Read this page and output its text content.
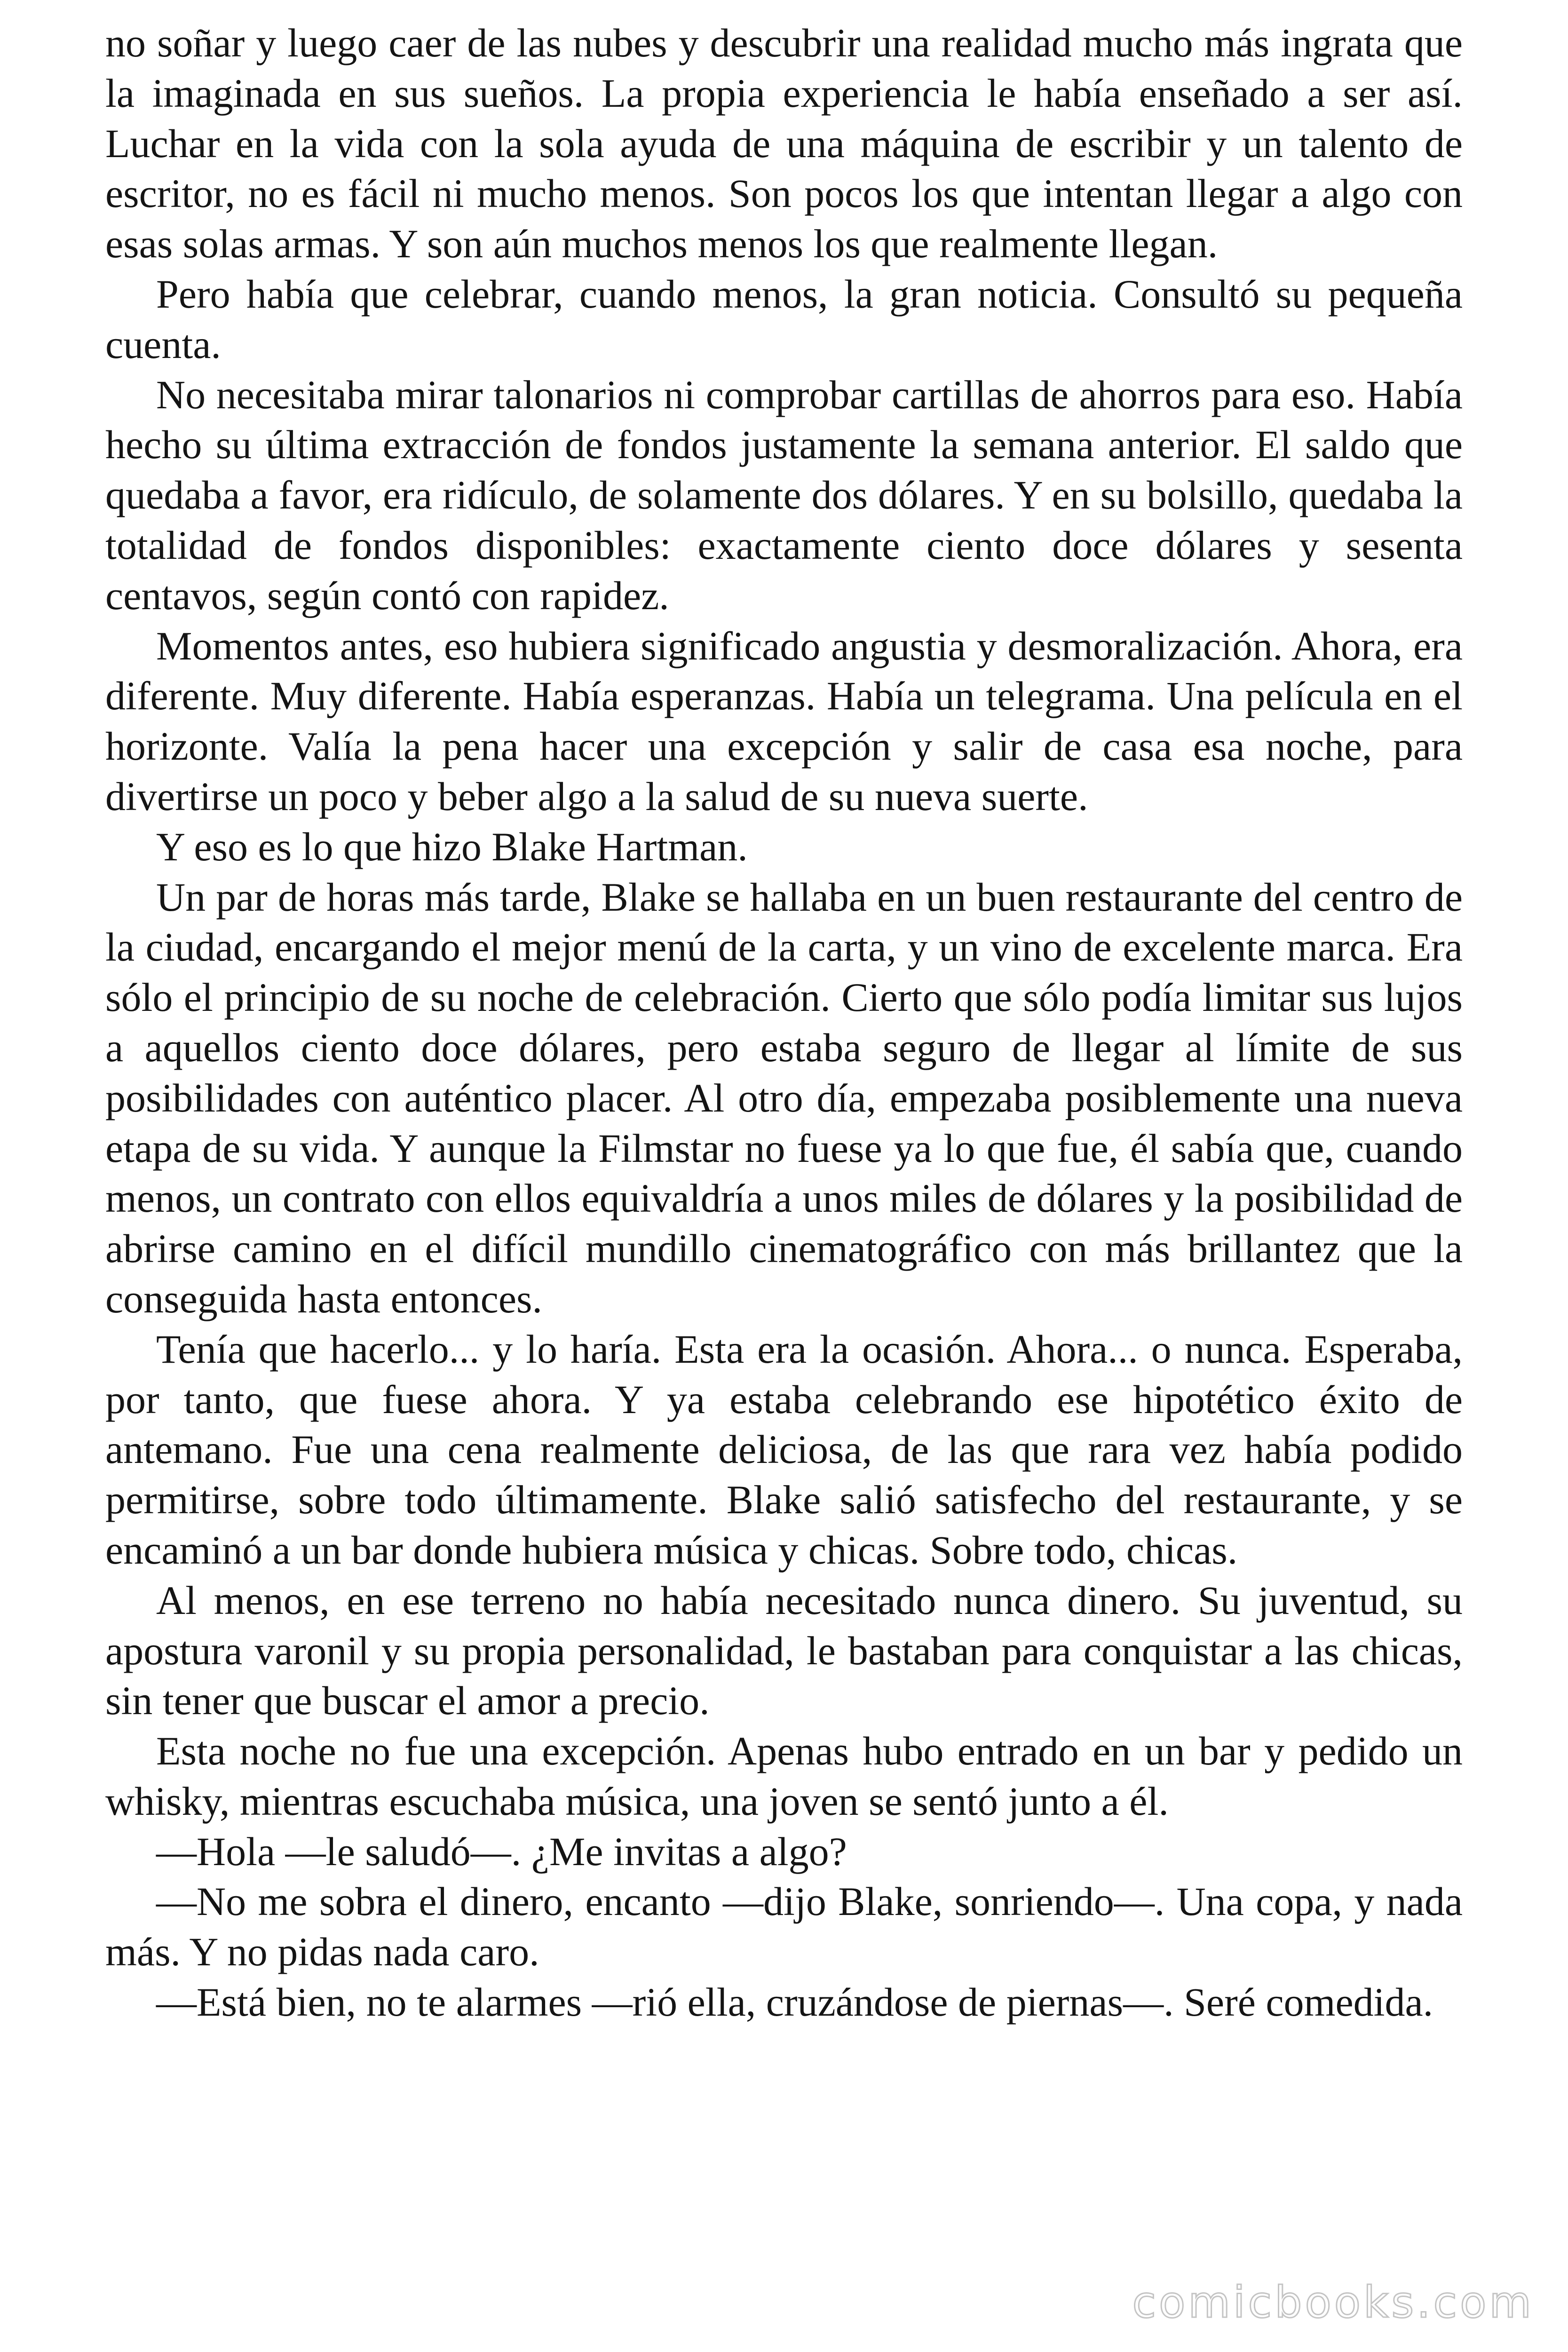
no soñar y luego caer de las nubes y descubrir una realidad mucho más ingrata que la imaginada en sus sueños. La propia experiencia le había enseñado a ser así. Luchar en la vida con la sola ayuda de una máquina de escribir y un talento de escritor, no es fácil ni mucho menos. Son pocos los que intentan llegar a algo con esas solas armas. Y son aún muchos menos los que realmente llegan.

Pero había que celebrar, cuando menos, la gran noticia. Consultó su pequeña cuenta.

No necesitaba mirar talonarios ni comprobar cartillas de ahorros para eso. Había hecho su última extracción de fondos justamente la semana anterior. El saldo que quedaba a favor, era ridículo, de solamente dos dólares. Y en su bolsillo, quedaba la totalidad de fondos disponibles: exactamente ciento doce dólares y sesenta centavos, según contó con rapidez.

Momentos antes, eso hubiera significado angustia y desmoralización. Ahora, era diferente. Muy diferente. Había esperanzas. Había un telegrama. Una película en el horizonte. Valía la pena hacer una excepción y salir de casa esa noche, para divertirse un poco y beber algo a la salud de su nueva suerte.

Y eso es lo que hizo Blake Hartman.

Un par de horas más tarde, Blake se hallaba en un buen restaurante del centro de la ciudad, encargando el mejor menú de la carta, y un vino de excelente marca. Era sólo el principio de su noche de celebración. Cierto que sólo podía limitar sus lujos a aquellos ciento doce dólares, pero estaba seguro de llegar al límite de sus posibilidades con auténtico placer. Al otro día, empezaba posiblemente una nueva etapa de su vida. Y aunque la Filmstar no fuese ya lo que fue, él sabía que, cuando menos, un contrato con ellos equivaldría a unos miles de dólares y la posibilidad de abrirse camino en el difícil mundillo cinematográfico con más brillantez que la conseguida hasta entonces.

Tenía que hacerlo... y lo haría. Esta era la ocasión. Ahora... o nunca. Esperaba, por tanto, que fuese ahora. Y ya estaba celebrando ese hipotético éxito de antemano. Fue una cena realmente deliciosa, de las que rara vez había podido permitirse, sobre todo últimamente. Blake salió satisfecho del restaurante, y se encaminó a un bar donde hubiera música y chicas. Sobre todo, chicas.

Al menos, en ese terreno no había necesitado nunca dinero. Su juventud, su apostura varonil y su propia personalidad, le bastaban para conquistar a las chicas, sin tener que buscar el amor a precio.

Esta noche no fue una excepción. Apenas hubo entrado en un bar y pedido un whisky, mientras escuchaba música, una joven se sentó junto a él.

—Hola —le saludó—. ¿Me invitas a algo?

—No me sobra el dinero, encanto —dijo Blake, sonriendo—. Una copa, y nada más. Y no pidas nada caro.

—Está bien, no te alarmes —rió ella, cruzándose de piernas—. Seré comedida.

comicbooks.com
